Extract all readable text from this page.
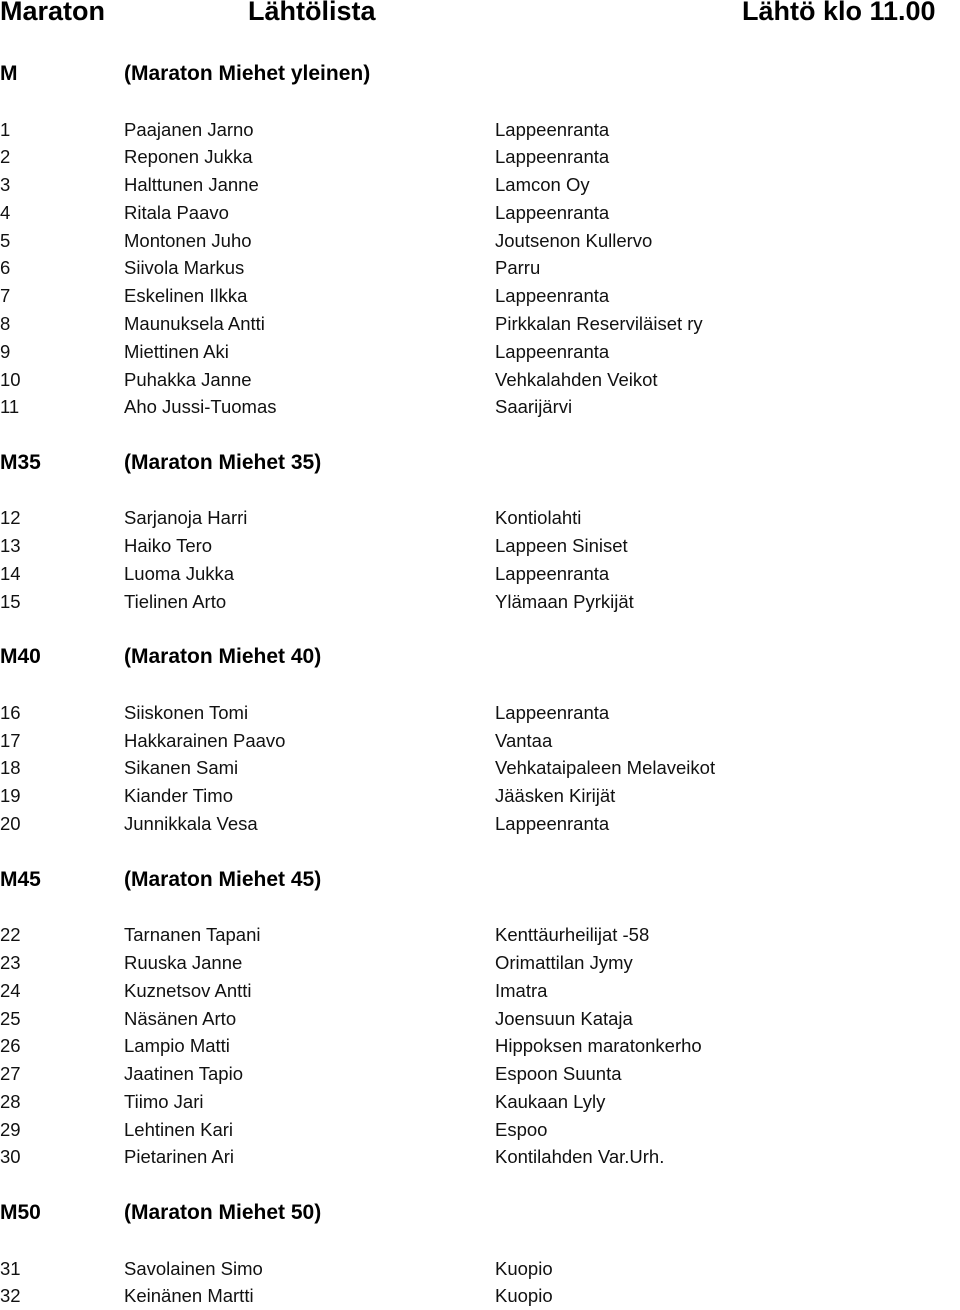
Maraton	Lähtölista	Lähtö klo 11.00
M	(Maraton Miehet yleinen)
1	Paajanen Jarno	Lappeenranta
2	Reponen Jukka	Lappeenranta
3	Halttunen Janne	Lamcon Oy
4	Ritala Paavo	Lappeenranta
5	Montonen Juho	Joutsenon Kullervo
6	Siivola Markus	Parru
7	Eskelinen Ilkka	Lappeenranta
8	Maunuksela Antti	Pirkkalan Reserviläiset ry
9	Miettinen Aki	Lappeenranta
10	Puhakka Janne	Vehkalahden Veikot
11	Aho Jussi-Tuomas	Saarijärvi
M35	(Maraton Miehet 35)
12	Sarjanoja Harri	Kontiolahti
13	Haiko Tero	Lappeen Siniset
14	Luoma Jukka	Lappeenranta
15	Tielinen Arto	Ylämaan Pyrkijät
M40	(Maraton Miehet 40)
16	Siiskonen Tomi	Lappeenranta
17	Hakkarainen Paavo	Vantaa
18	Sikanen Sami	Vehkataipaleen Melaveikot
19	Kiander Timo	Jääsken Kirijät
20	Junnikkala Vesa	Lappeenranta
M45	(Maraton Miehet 45)
22	Tarnanen Tapani	Kenttäurheilijat -58
23	Ruuska Janne	Orimattilan Jymy
24	Kuznetsov Antti	Imatra
25	Näsänen Arto	Joensuun Kataja
26	Lampio Matti	Hippoksen maratonkerho
27	Jaatinen Tapio	Espoon Suunta
28	Tiimo Jari	Kaukaan Lyly
29	Lehtinen Kari	Espoo
30	Pietarinen Ari	Kontilahden Var.Urh.
M50	(Maraton Miehet 50)
31	Savolainen Simo	Kuopio
32	Keinänen Martti	Kuopio
